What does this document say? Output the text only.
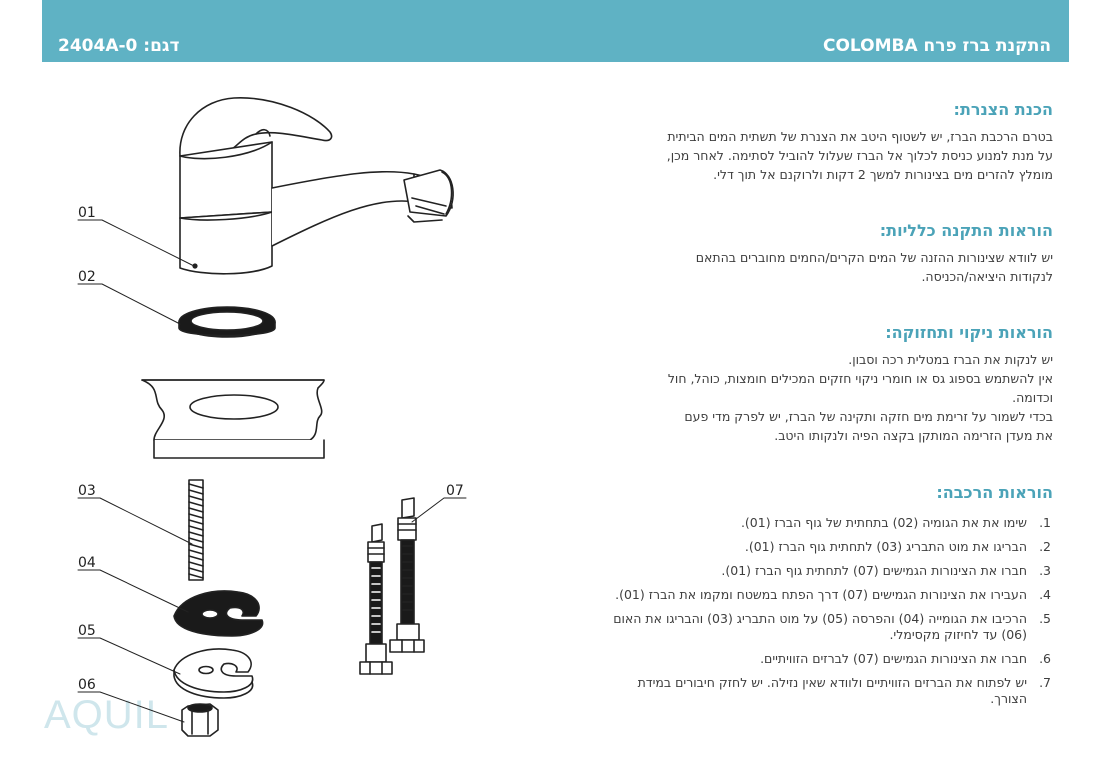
התקנת ברז פרח COLOMBA
דגם: 2404A-0
הכנת הצנרת:

בטרם הרכבת הברז, יש לשטוף היטב את הצנרת של תשתית המים הביתית

על מנת למנוע כניסת לכלוך אל הברז שעלול להוביל לסתימה. לאחר מכן,

מומלץ להזרים מים בצינורות למשך 2 דקות ולרוקנם אל תוך דלי.

הוראות התקנה כלליות:

יש לוודא שצינורות ההזנה של המים הקרים/החמים מחוברים בהתאם

לנקודות היציאה/הכניסה.

הוראות ניקוי ותחזוקה:

יש לנקות את הברז במטלית רכה וסבון.

אין להשתמש בספוג גס או חומרי ניקוי חזקים המכילים חומצות, כוהל, חול

וכדומה.

בכדי לשמור על זרימת מים חזקה ותקינה של הברז, יש לפרק מדי פעם

את מעדן הזרימה המותקן בקצה הפיה ולנקותו היטב.

הוראות הרכבה:
1.
שימו את את הגומיה (02) בתחתית של גוף הברז (01).
2.
הבריגו את מוט התבריג (03) לתחתית גוף הברז (01).
3.
חברו את הצינורות הגמישים (07) לתחתית גוף הברז (01).
4.
העבירו את הצינורות הגמישים (07) דרך הפתח במשטח ומקמו את הברז (01).
5.
הרכיבו את הגומייה (04) והפרסה (05) על מוט התבריג (03) והבריגו את האום (06) עד לחיזוק מקסימלי.
6.
חברו את הצינורות הגמישים (07) לברזים הזוויתיים.
7.
יש לפתוח את הברזים הזוויתיים ולוודא שאין נזילה. יש לחזק חיבורים במידת הצורך.
AQUIL
01
02
03
04
05
06
07
